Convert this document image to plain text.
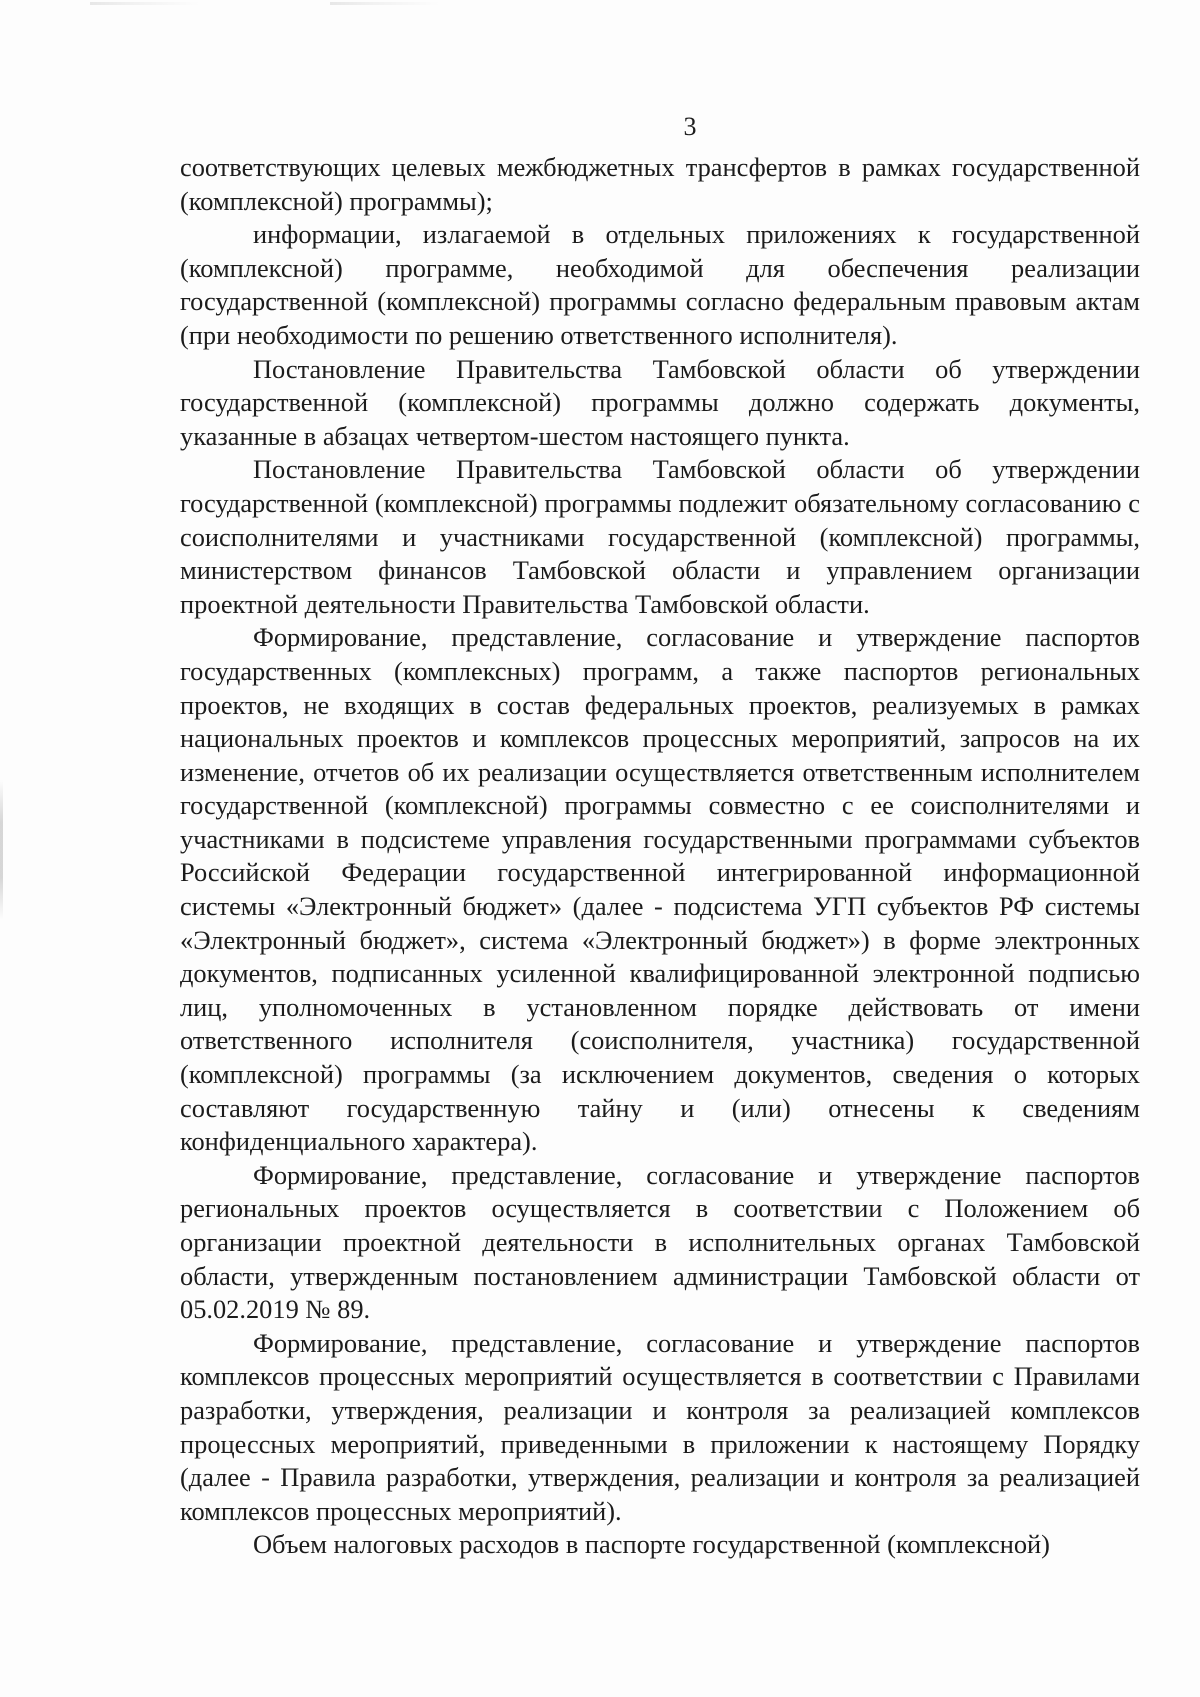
3

соответствующих целевых межбюджетных трансфертов в рамках государственной (комплексной) программы);

информации, излагаемой в отдельных приложениях к государственной (комплексной) программе, необходимой для обеспечения реализации государственной (комплексной) программы согласно федеральным правовым актам (при необходимости по решению ответственного исполнителя).

Постановление Правительства Тамбовской области об утверждении государственной (комплексной) программы должно содержать документы, указанные в абзацах четвертом-шестом настоящего пункта.

Постановление Правительства Тамбовской области об утверждении государственной (комплексной) программы подлежит обязательному согласованию с соисполнителями и участниками государственной (комплексной) программы, министерством финансов Тамбовской области и управлением организации проектной деятельности Правительства Тамбовской области.

Формирование, представление, согласование и утверждение паспортов государственных (комплексных) программ, а также паспортов региональных проектов, не входящих в состав федеральных проектов, реализуемых в рамках национальных проектов и комплексов процессных мероприятий, запросов на их изменение, отчетов об их реализации осуществляется ответственным исполнителем государственной (комплексной) программы совместно с ее соисполнителями и участниками в подсистеме управления государственными программами субъектов Российской Федерации государственной интегрированной информационной системы «Электронный бюджет» (далее - подсистема УГП субъектов РФ системы «Электронный бюджет», система «Электронный бюджет») в форме электронных документов, подписанных усиленной квалифицированной электронной подписью лиц, уполномоченных в установленном порядке действовать от имени ответственного исполнителя (соисполнителя, участника) государственной (комплексной) программы (за исключением документов, сведения о которых составляют государственную тайну и (или) отнесены к сведениям конфиденциального характера).

Формирование, представление, согласование и утверждение паспортов региональных проектов осуществляется в соответствии с Положением об организации проектной деятельности в исполнительных органах Тамбовской области, утвержденным постановлением администрации Тамбовской области от 05.02.2019 № 89.

Формирование, представление, согласование и утверждение паспортов комплексов процессных мероприятий осуществляется в соответствии с Правилами разработки, утверждения, реализации и контроля за реализацией комплексов процессных мероприятий, приведенными в приложении к настоящему Порядку (далее - Правила разработки, утверждения, реализации и контроля за реализацией комплексов процессных мероприятий).

Объем налоговых расходов в паспорте государственной (комплексной)
